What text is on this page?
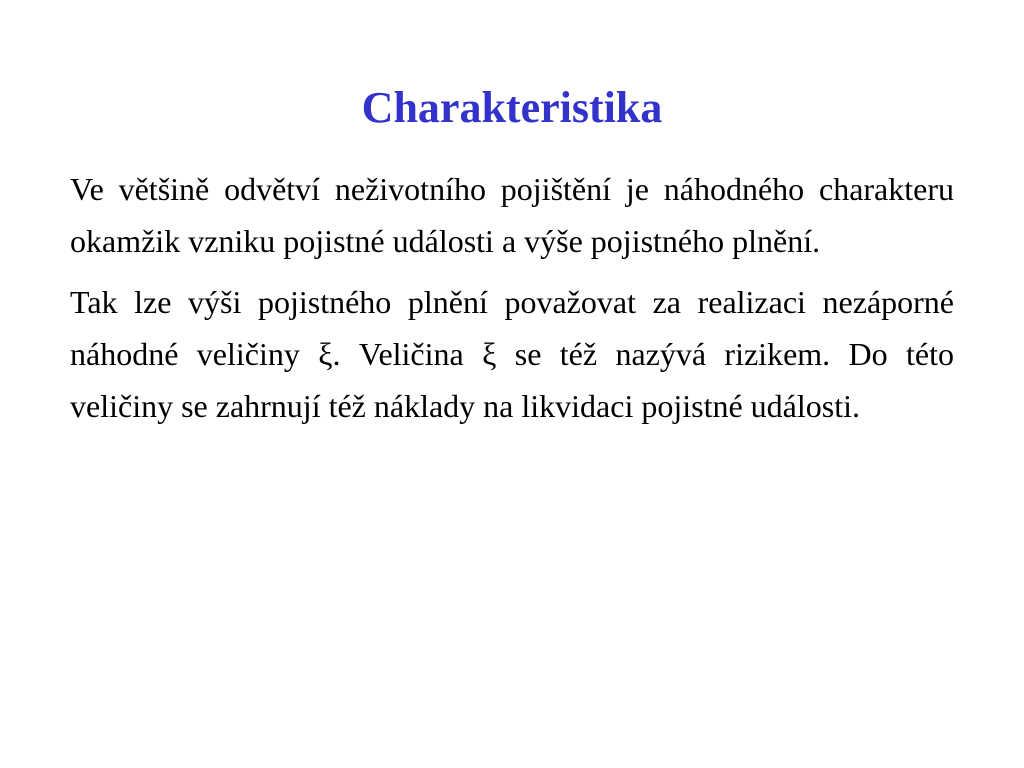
Charakteristika

Ve většině odvětví neživotního pojištění je náhodného charakteru okamžik vzniku pojistné události a výše pojistného plnění.

Tak lze výši pojistného plnění považovat za realizaci nezáporné náhodné veličiny ξ. Veličina ξ se též nazývá rizikem. Do této veličiny se zahrnují též náklady na likvidaci pojistné události.
